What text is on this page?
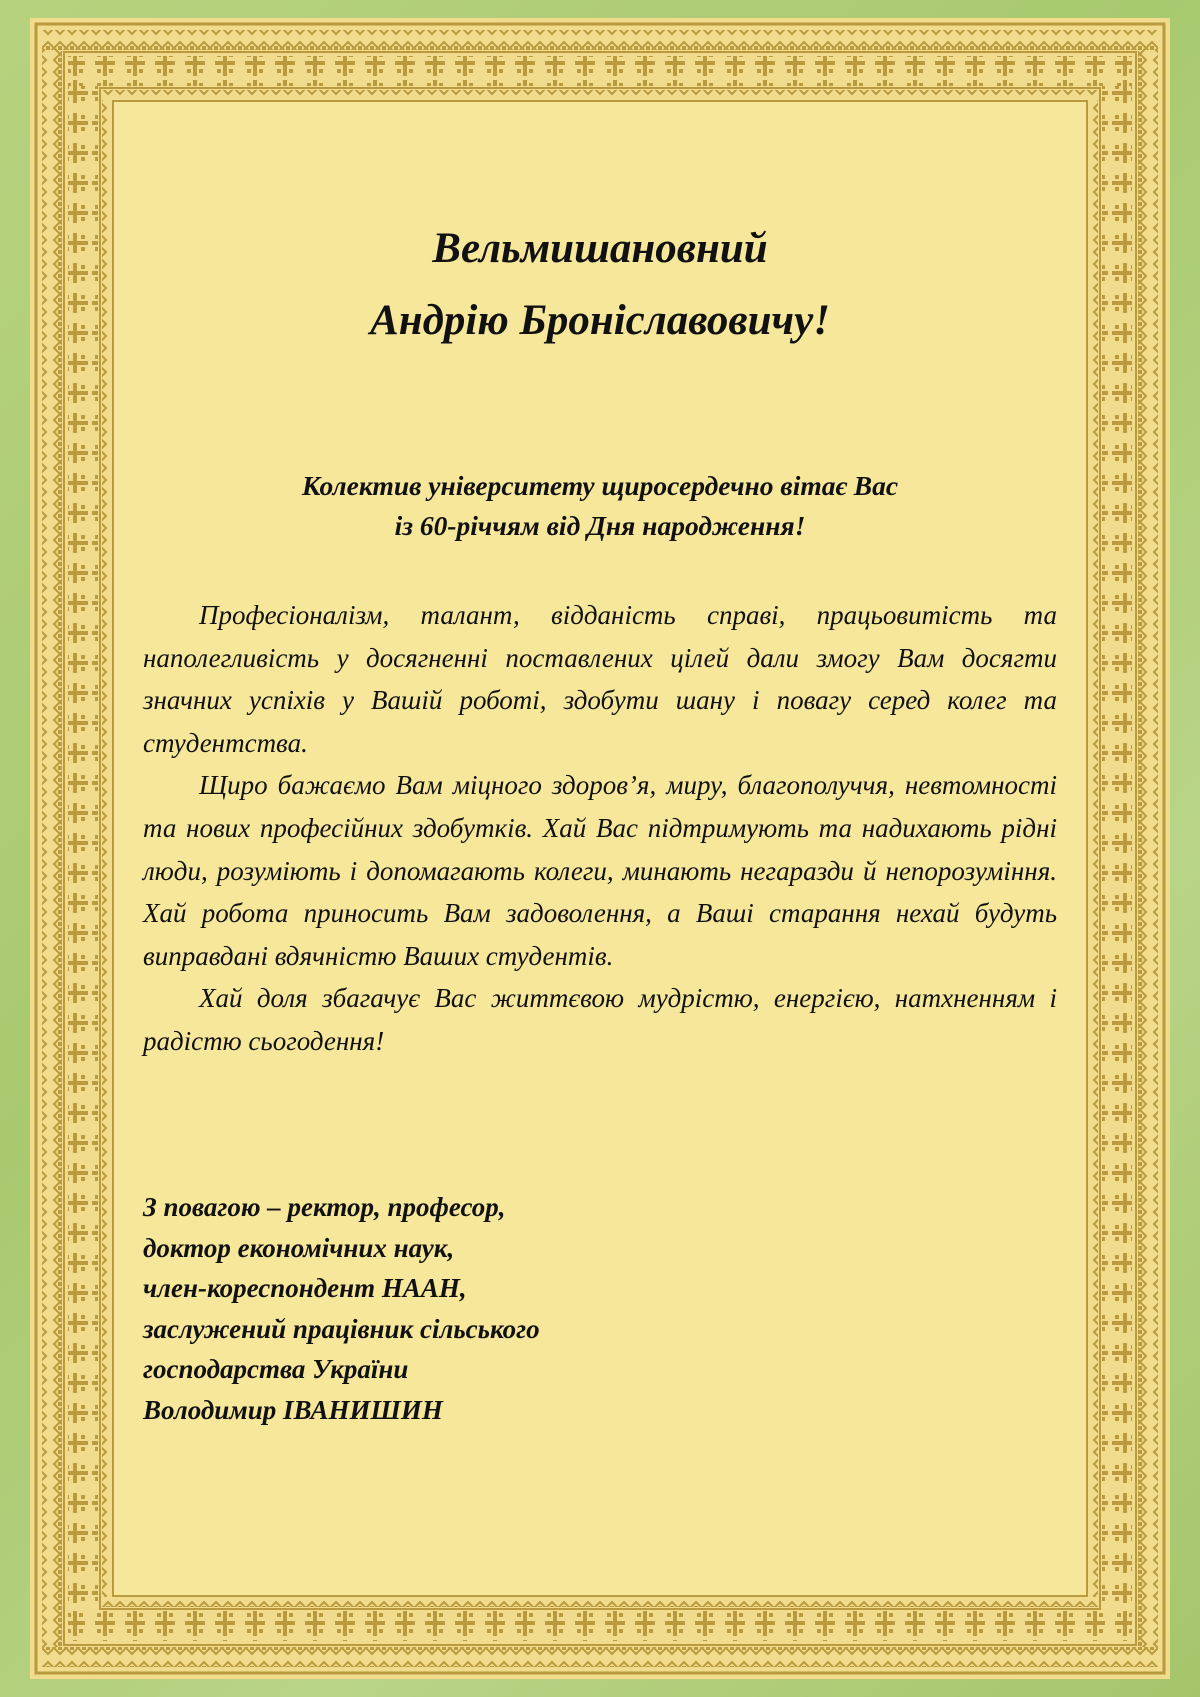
Вельмишановний
Андрію Броніславовичу!
Колектив університету щиросердечно вітає Вас
із 60-річчям від Дня народження!

Професіоналізм, талант, відданість справі, працьовитість та наполегливість у досягненні поставлених цілей дали змогу Вам досягти значних успіхів у Вашій роботі, здобути шану і повагу серед колег та студентства.

Щиро бажаємо Вам міцного здоров’я, миру, благополуччя, невтомності та нових професійних здобутків. Хай Вас підтримують та надихають рідні люди, розуміють і допомагають колеги, минають негаразди й непорозуміння. Хай робота приносить Вам задоволення, а Ваші старання нехай будуть виправдані вдячністю Ваших студентів.

Хай доля збагачує Вас життєвою мудрістю, енергією, натхненням і радістю сьогодення!

З повагою – ректор, професор,
доктор економічних наук,
член-кореспондент НААН,
заслужений працівник сільського
господарства України
Володимир ІВАНИШИН
